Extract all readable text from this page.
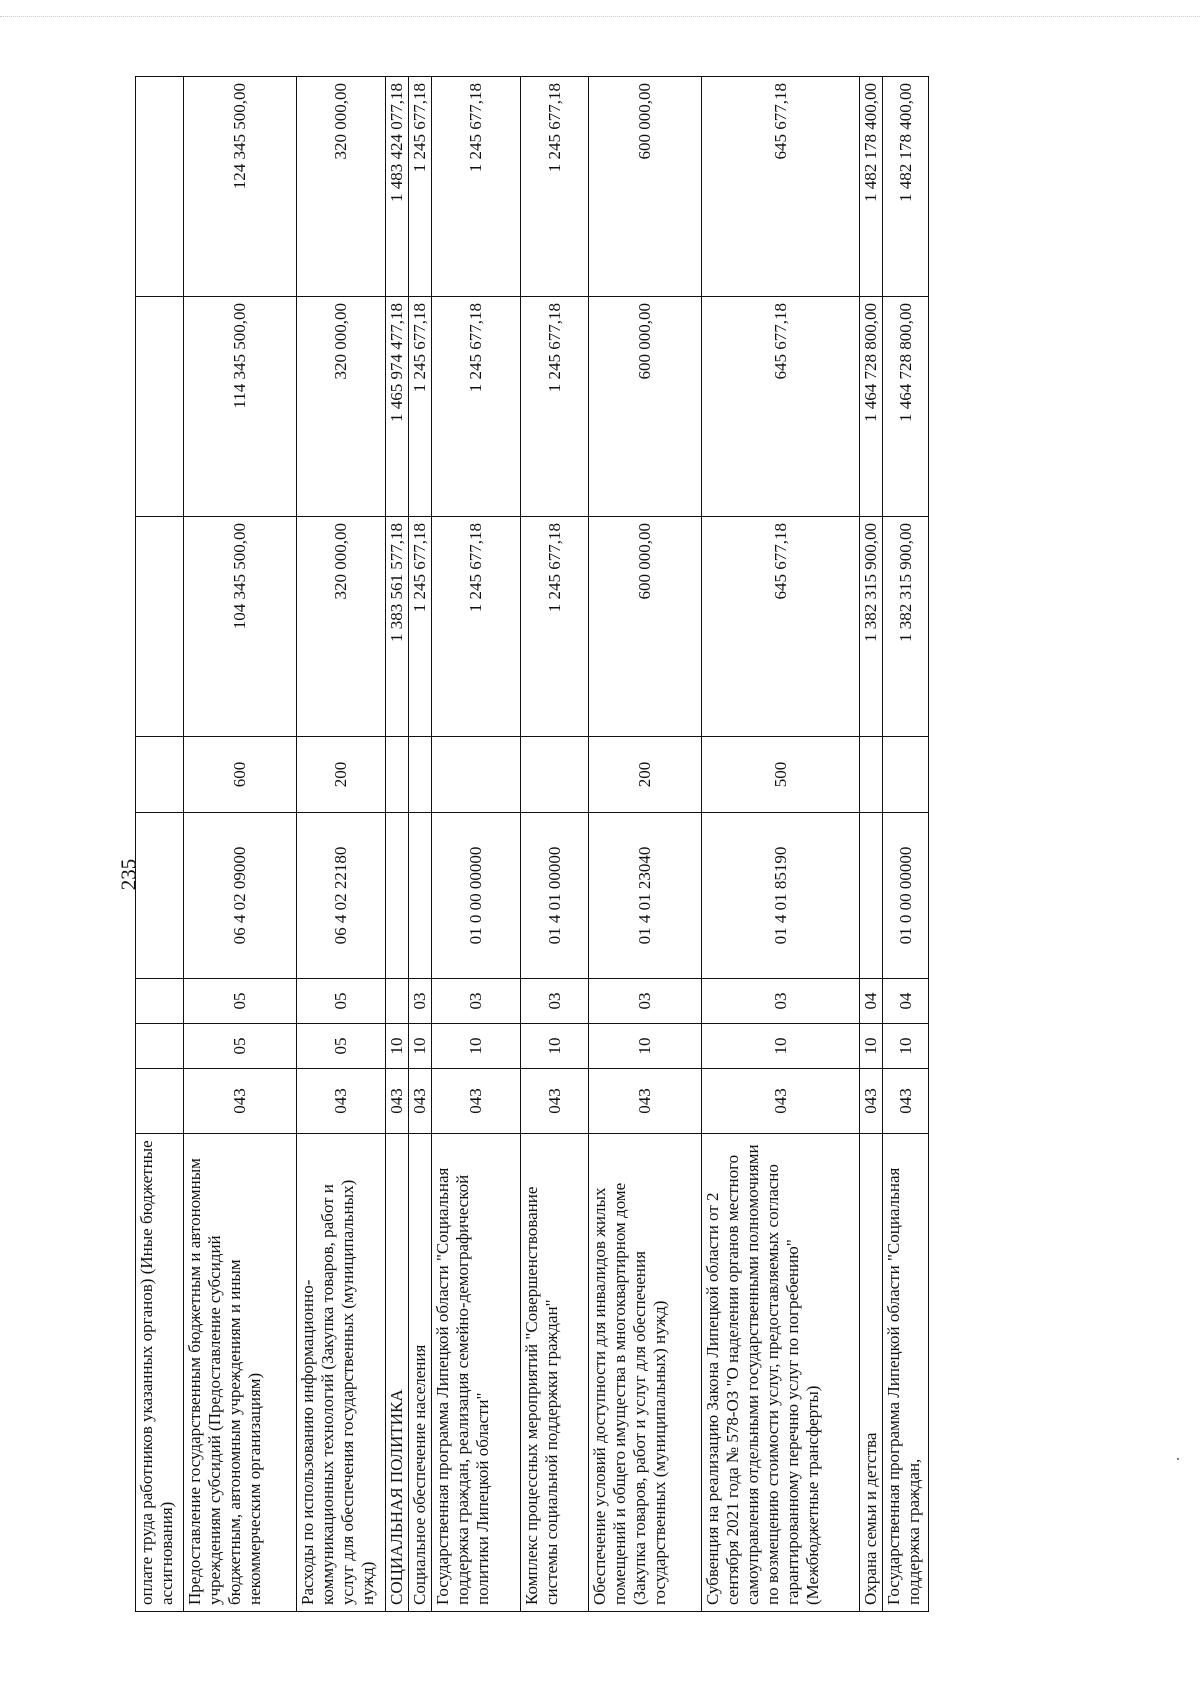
235
оплате труда работников указанных органов) (Иные бюджетные ассигнования)								
Предоставление государственным бюджетным и автономным учреждениям субсидий (Предоставление субсидий бюджетным, автономным учреждениям и иным некоммерческим организациям)	043	05	05	06 4 02 09000	600	104 345 500,00	114 345 500,00	124 345 500,00
Расходы по использованию информационно-коммуникационных технологий (Закупка товаров, работ и услуг для обеспечения государственных (муниципальных) нужд)	043	05	05	06 4 02 22180	200	320 000,00	320 000,00	320 000,00
СОЦИАЛЬНАЯ ПОЛИТИКА	043	10				1 383 561 577,18	1 465 974 477,18	1 483 424 077,18
Социальное обеспечение населения	043	10	03			1 245 677,18	1 245 677,18	1 245 677,18
Государственная программа Липецкой области "Социальная поддержка граждан, реализация семейно-демографической политики Липецкой области"	043	10	03	01 0 00 00000		1 245 677,18	1 245 677,18	1 245 677,18
Комплекс процессных мероприятий "Совершенствование системы социальной поддержки граждан"	043	10	03	01 4 01 00000		1 245 677,18	1 245 677,18	1 245 677,18
Обеспечение условий доступности для инвалидов жилых помещений и общего имущества в многоквартирном доме (Закупка товаров, работ и услуг для обеспечения государственных (муниципальных) нужд)	043	10	03	01 4 01 23040	200	600 000,00	600 000,00	600 000,00
Субвенция на реализацию Закона Липецкой области от 2 сентября 2021 года № 578-ОЗ "О наделении органов местного самоуправления отдельными государственными полномочиями по возмещению стоимости услуг, предоставляемых согласно гарантированному перечню услуг по погребению" (Межбюджетные трансферты)	043	10	03	01 4 01 85190	500	645 677,18	645 677,18	645 677,18
Охрана семьи и детства	043	10	04			1 382 315 900,00	1 464 728 800,00	1 482 178 400,00
Государственная программа Липецкой области "Социальная поддержка граждан,	043	10	04	01 0 00 00000		1 382 315 900,00	1 464 728 800,00	1 482 178 400,00
